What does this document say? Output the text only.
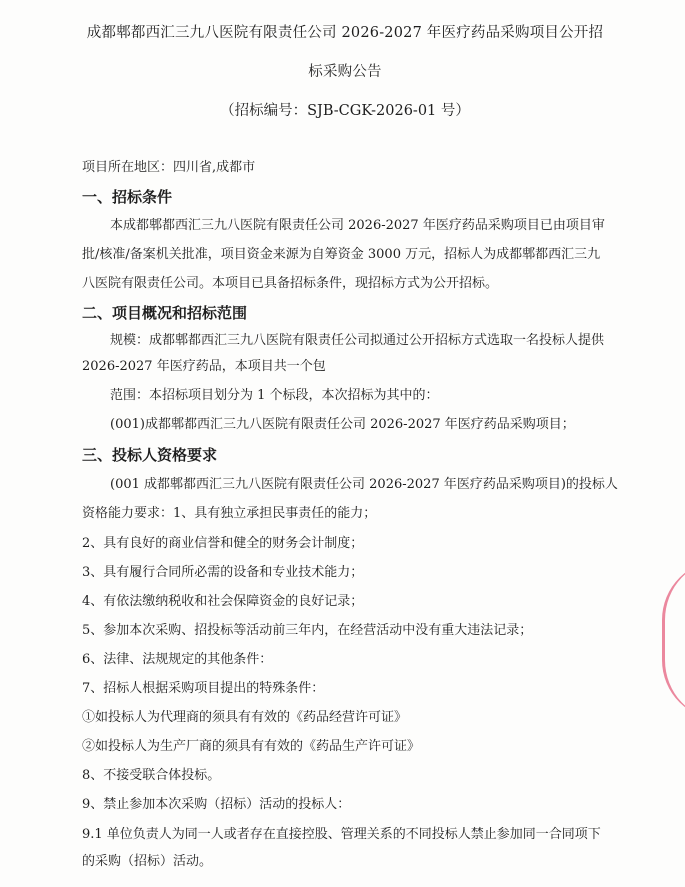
成都郫都西汇三九八医院有限责任公司 2026-2027 年医疗药品采购项目公开招
标采购公告
（招标编号：SJB-CGK-2026-01 号）
项目所在地区：四川省,成都市
一、招标条件
本成都郫都西汇三九八医院有限责任公司 2026-2027 年医疗药品采购项目已由项目审
批/核准/备案机关批准，项目资金来源为自筹资金 3000 万元，招标人为成都郫都西汇三九
八医院有限责任公司。本项目已具备招标条件，现招标方式为公开招标。
二、项目概况和招标范围
规模：成都郫都西汇三九八医院有限责任公司拟通过公开招标方式选取一名投标人提供
2026-2027 年医疗药品，本项目共一个包
范围：本招标项目划分为 1 个标段，本次招标为其中的：
(001)成都郫都西汇三九八医院有限责任公司 2026-2027 年医疗药品采购项目；
三、投标人资格要求
(001 成都郫都西汇三九八医院有限责任公司 2026-2027 年医疗药品采购项目)的投标人
资格能力要求：1、具有独立承担民事责任的能力；
2、具有良好的商业信誉和健全的财务会计制度；
3、具有履行合同所必需的设备和专业技术能力；
4、有依法缴纳税收和社会保障资金的良好记录；
5、参加本次采购、招投标等活动前三年内，在经营活动中没有重大违法记录；
6、法律、法规规定的其他条件：
7、招标人根据采购项目提出的特殊条件：
①如投标人为代理商的须具有有效的《药品经营许可证》
②如投标人为生产厂商的须具有有效的《药品生产许可证》
8、不接受联合体投标。
9、禁止参加本次采购（招标）活动的投标人：
9.1 单位负责人为同一人或者存在直接控股、管理关系的不同投标人禁止参加同一合同项下
的采购（招标）活动。
